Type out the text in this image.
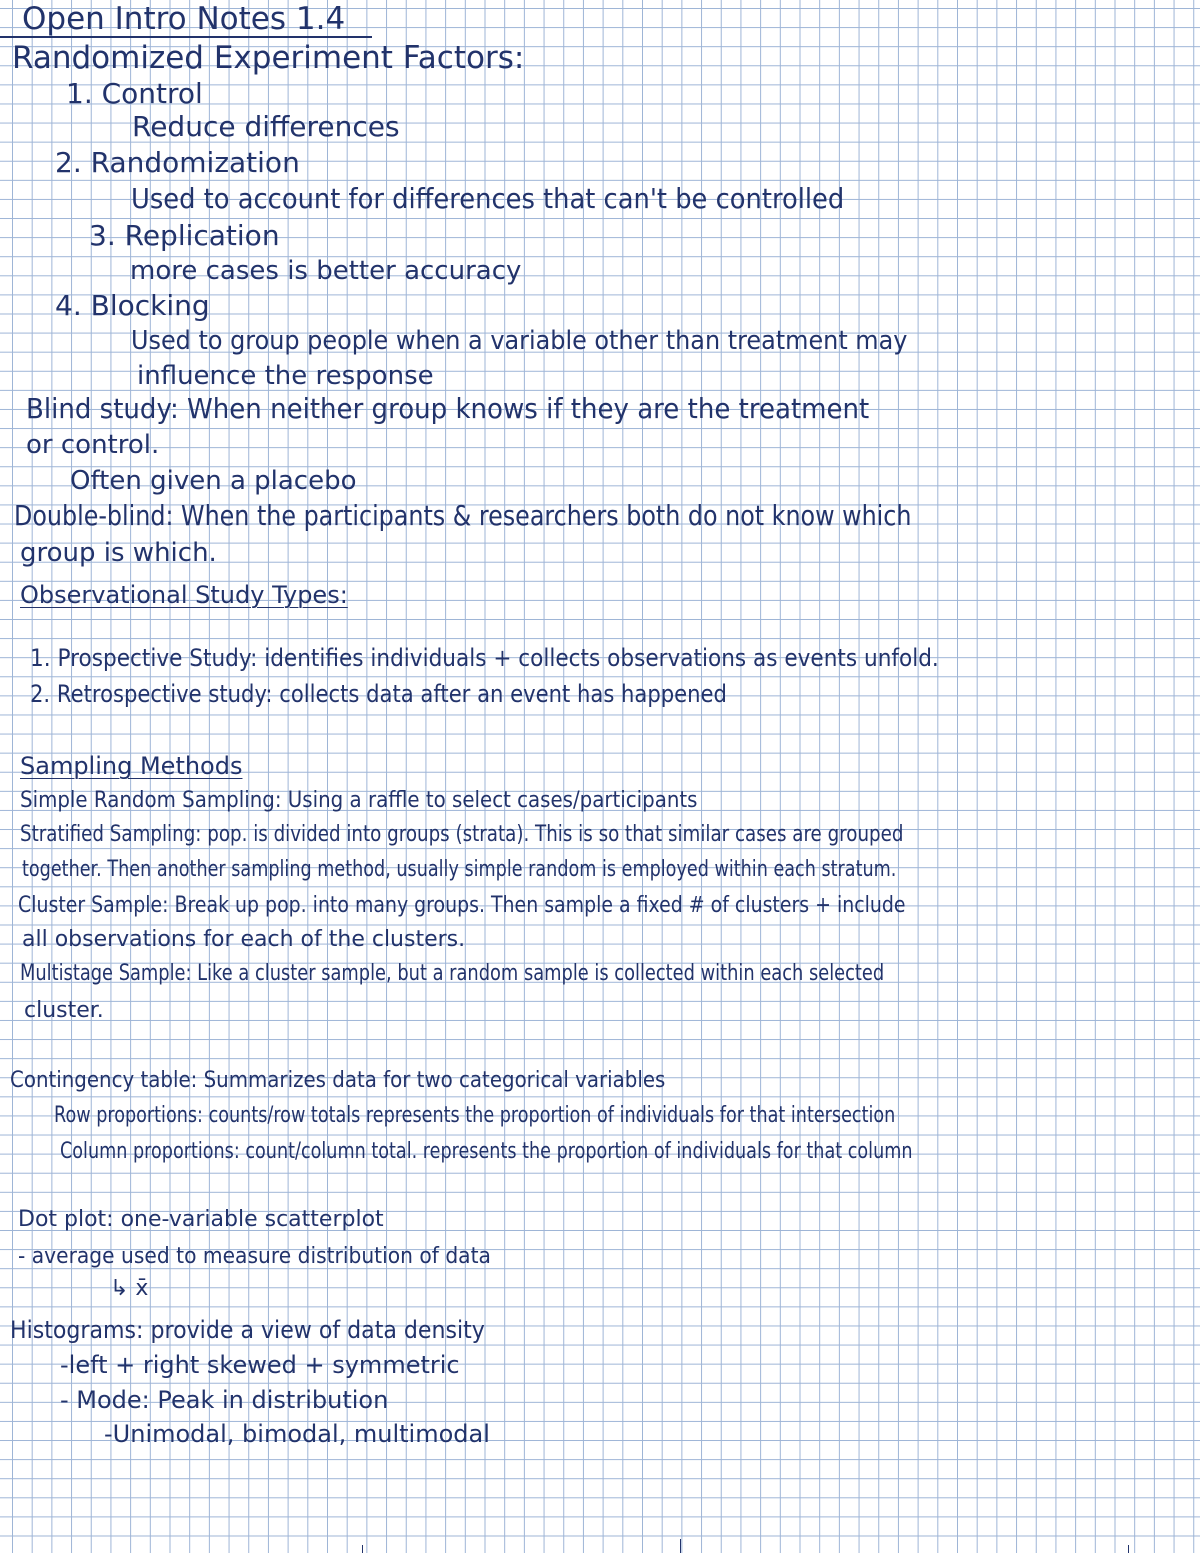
Open Intro Notes 1.4
Randomized Experiment Factors:
1. Control
Reduce differences
2. Randomization
Used to account for differences that can't be controlled
3. Replication
more cases is better accuracy
4. Blocking
Used to group people when a variable other than treatment may
influence the response
Blind study: When neither group knows if they are the treatment
or control.
Often given a placebo
Double-blind: When the participants & researchers both do not know which
group is which.
Observational Study Types:
1. Prospective Study: identifies individuals + collects observations as events unfold.
2. Retrospective study: collects data after an event has happened
Sampling Methods
Simple Random Sampling: Using a raffle to select cases/participants
Stratified Sampling: pop. is divided into groups (strata). This is so that similar cases are grouped
together. Then another sampling method, usually simple random is employed within each stratum.
Cluster Sample: Break up pop. into many groups. Then sample a fixed # of clusters + include
all observations for each of the clusters.
Multistage Sample: Like a cluster sample, but a random sample is collected within each selected
cluster.
Contingency table: Summarizes data for two categorical variables
Row proportions: counts/row totals represents the proportion of individuals for that intersection
Column proportions: count/column total. represents the proportion of individuals for that column
Dot plot: one-variable scatterplot
- average used to measure distribution of data
↳ x̄
Histograms: provide a view of data density
-left + right skewed + symmetric
- Mode: Peak in distribution
-Unimodal, bimodal, multimodal
